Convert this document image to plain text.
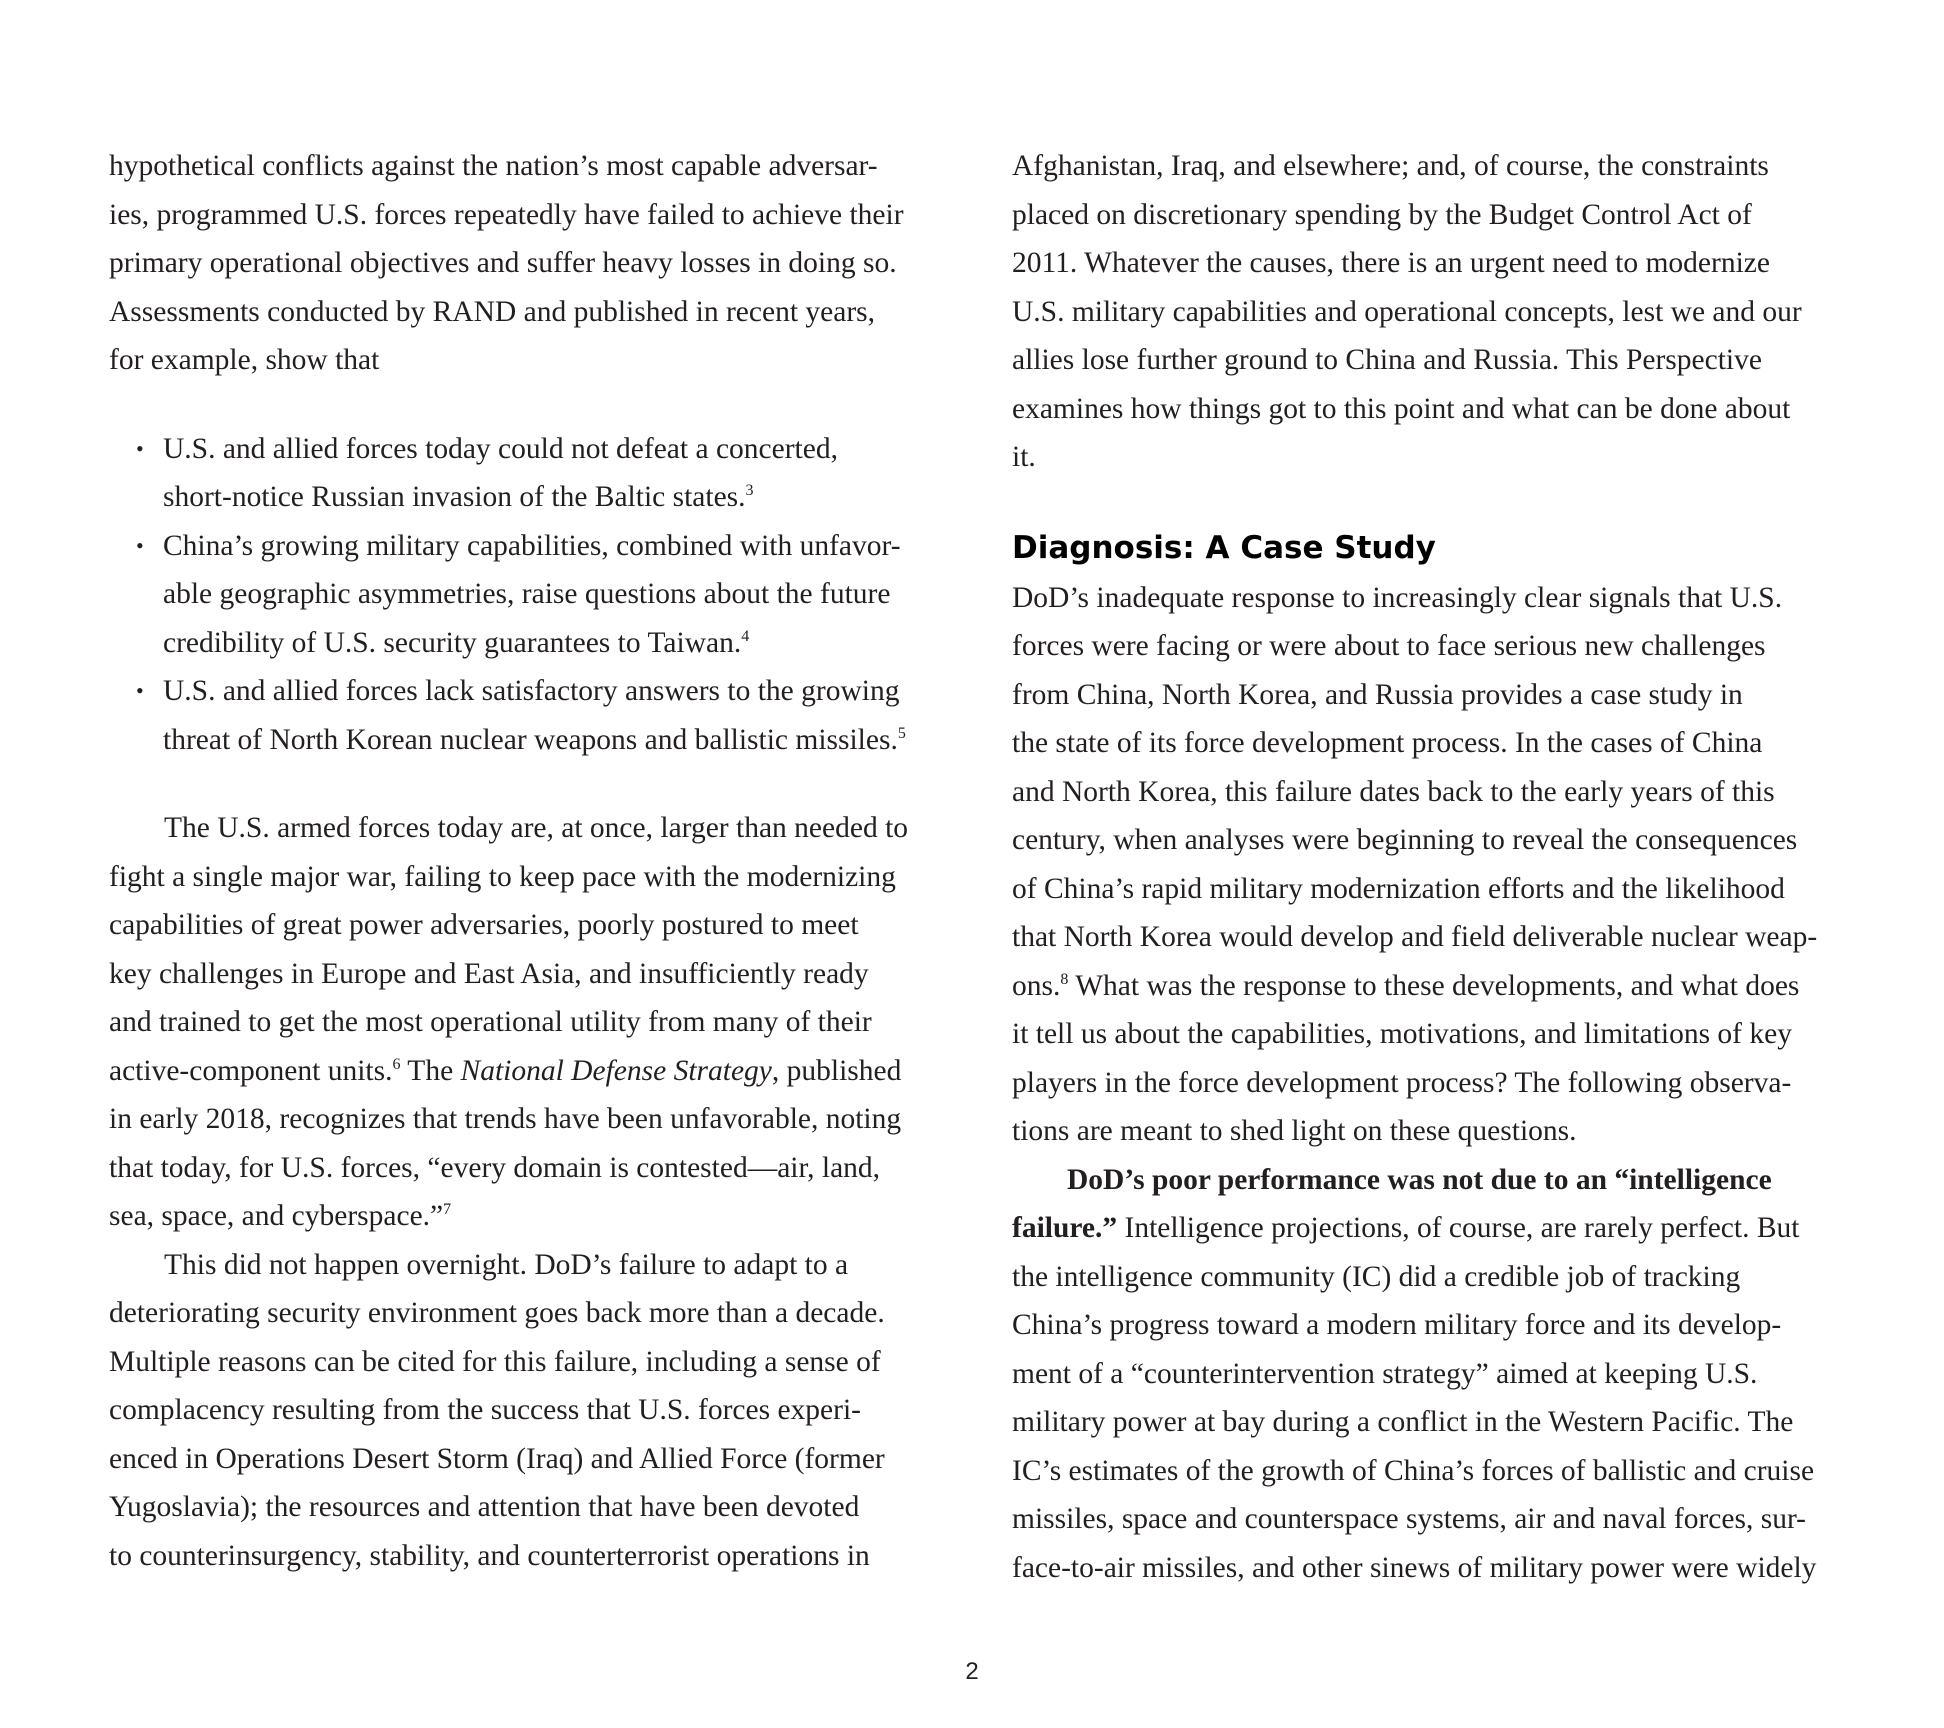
hypothetical conflicts against the nation’s most capable adversar-
ies, programmed U.S. forces repeatedly have failed to achieve their
primary operational objectives and suffer heavy losses in doing so.
Assessments conducted by RAND and published in recent years,
for example, show that
• U.S. and allied forces today could not defeat a concerted,
short-notice Russian invasion of the Baltic states.$^3$
• China’s growing military capabilities, combined with unfavor-
able geographic asymmetries, raise questions about the future
credibility of U.S. security guarantees to Taiwan.$^4$
• U.S. and allied forces lack satisfactory answers to the growing
threat of North Korean nuclear weapons and ballistic missiles.$^5$
The U.S. armed forces today are, at once, larger than needed to
fight a single major war, failing to keep pace with the modernizing
capabilities of great power adversaries, poorly postured to meet
key challenges in Europe and East Asia, and insufficiently ready
and trained to get the most operational utility from many of their
active-component units.$^6$ The National Defense Strategy, published
in early 2018, recognizes that trends have been unfavorable, noting
that today, for U.S. forces, “every domain is contested—air, land,
sea, space, and cyberspace.”$^7$
This did not happen overnight. DoD’s failure to adapt to a
deteriorating security environment goes back more than a decade.
Multiple reasons can be cited for this failure, including a sense of
complacency resulting from the success that U.S. forces experi-
enced in Operations Desert Storm (Iraq) and Allied Force (former
Yugoslavia); the resources and attention that have been devoted
to counterinsurgency, stability, and counterterrorist operations in
Afghanistan, Iraq, and elsewhere; and, of course, the constraints
placed on discretionary spending by the Budget Control Act of
2011. Whatever the causes, there is an urgent need to modernize
U.S. military capabilities and operational concepts, lest we and our
allies lose further ground to China and Russia. This Perspective
examines how things got to this point and what can be done about
it.
Diagnosis: A Case Study
DoD’s inadequate response to increasingly clear signals that U.S.
forces were facing or were about to face serious new challenges
from China, North Korea, and Russia provides a case study in
the state of its force development process. In the cases of China
and North Korea, this failure dates back to the early years of this
century, when analyses were beginning to reveal the consequences
of China’s rapid military modernization efforts and the likelihood
that North Korea would develop and field deliverable nuclear weap-
ons.$^8$ What was the response to these developments, and what does
it tell us about the capabilities, motivations, and limitations of key
players in the force development process? The following observa-
tions are meant to shed light on these questions.
DoD’s poor performance was not due to an “intelligence
failure.” Intelligence projections, of course, are rarely perfect. But
the intelligence community (IC) did a credible job of tracking
China’s progress toward a modern military force and its develop-
ment of a “counterintervention strategy” aimed at keeping U.S.
military power at bay during a conflict in the Western Pacific. The
IC’s estimates of the growth of China’s forces of ballistic and cruise
missiles, space and counterspace systems, air and naval forces, sur-
face-to-air missiles, and other sinews of military power were widely
2
